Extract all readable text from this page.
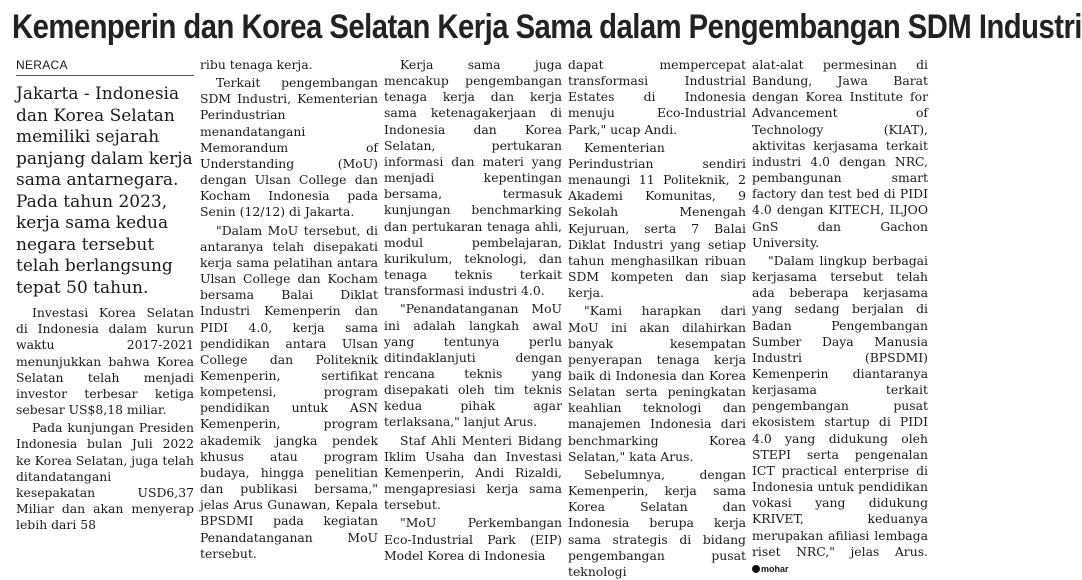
Kemenperin dan Korea Selatan Kerja Sama dalam Pengembangan SDM Industri
NERACA

Jakarta - Indonesia dan Korea Selatan memiliki sejarah panjang dalam kerja sama antarnegara. Pada tahun 2023, kerja sama kedua negara tersebut telah berlangsung tepat 50 tahun.

Investasi Korea Selatan di Indonesia dalam kurun waktu 2017-2021 menunjukkan bahwa Korea Selatan telah menjadi investor terbesar ketiga sebesar US$8,18 miliar.

Pada kunjungan Presiden Indonesia bulan Juli 2022 ke Korea Selatan, juga telah ditandatangani kesepakatan USD6,37 Miliar dan akan menyerap lebih dari 58

ribu tenaga kerja.

Terkait pengembangan SDM Industri, Kementerian Perindustrian menandatangani Memorandum of Understanding (MoU) dengan Ulsan College dan Kocham Indonesia pada Senin (12/12) di Jakarta.

"Dalam MoU tersebut, di antaranya telah disepakati kerja sama pelatihan antara Ulsan College dan Kocham bersama Balai Diklat Industri Kemenperin dan PIDI 4.0, kerja sama pendidikan antara Ulsan College dan Politeknik Kemenperin, sertifikat kompetensi, program pendidikan untuk ASN Kemenperin, program akademik jangka pendek khusus atau program budaya, hingga penelitian dan publikasi bersama," jelas Arus Gunawan, Kepala BPSDMI pada kegiatan Penandatanganan MoU tersebut.

Kerja sama juga mencakup pengembangan tenaga kerja dan kerja sama ketenagakerjaan di Indonesia dan Korea Selatan, pertukaran informasi dan materi yang menjadi kepentingan bersama, termasuk kunjungan benchmarking dan pertukaran tenaga ahli, modul pembelajaran, kurikulum, teknologi, dan tenaga teknis terkait transformasi industri 4.0.

"Penandatanganan MoU ini adalah langkah awal yang tentunya perlu ditindaklanjuti dengan rencana teknis yang disepakati oleh tim teknis kedua pihak agar terlaksana," lanjut Arus.

Staf Ahli Menteri Bidang Iklim Usaha dan Investasi Kemenperin, Andi Rizaldi, mengapresiasi kerja sama tersebut.

"MoU Perkembangan Eco-Industrial Park (EIP) Model Korea di Indonesia

dapat mempercepat transformasi Industrial Estates di Indonesia menuju Eco-Industrial Park," ucap Andi.

Kementerian Perindustrian sendiri menaungi 11 Politeknik, 2 Akademi Komunitas, 9 Sekolah Menengah Kejuruan, serta 7 Balai Diklat Industri yang setiap tahun menghasilkan ribuan SDM kompeten dan siap kerja.

"Kami harapkan dari MoU ini akan dilahirkan banyak kesempatan penyerapan tenaga kerja baik di Indonesia dan Korea Selatan serta peningkatan keahlian teknologi dan manajemen Indonesia dari benchmarking Korea Selatan," kata Arus.

Sebelumnya, dengan Kemenperin, kerja sama Korea Selatan dan Indonesia berupa kerja sama strategis di bidang pengembangan pusat teknologi

alat-alat permesinan di Bandung, Jawa Barat dengan Korea Institute for Advancement of Technology (KIAT), aktivitas kerjasama terkait industri 4.0 dengan NRC, pembangunan smart factory dan test bed di PIDI 4.0 dengan KITECH, ILJOO GnS dan Gachon University.

"Dalam lingkup berbagai kerjasama tersebut telah ada beberapa kerjasama yang sedang berjalan di Badan Pengembangan Sumber Daya Manusia Industri (BPSDMI) Kemenperin diantaranya kerjasama terkait pengembangan pusat ekosistem startup di PIDI 4.0 yang didukung oleh STEPI serta pengenalan ICT practical enterprise di Indonesia untuk pendidikan vokasi yang didukung KRIVET, keduanya merupakan afiliasi lembaga riset NRC," jelas Arus. mohar
